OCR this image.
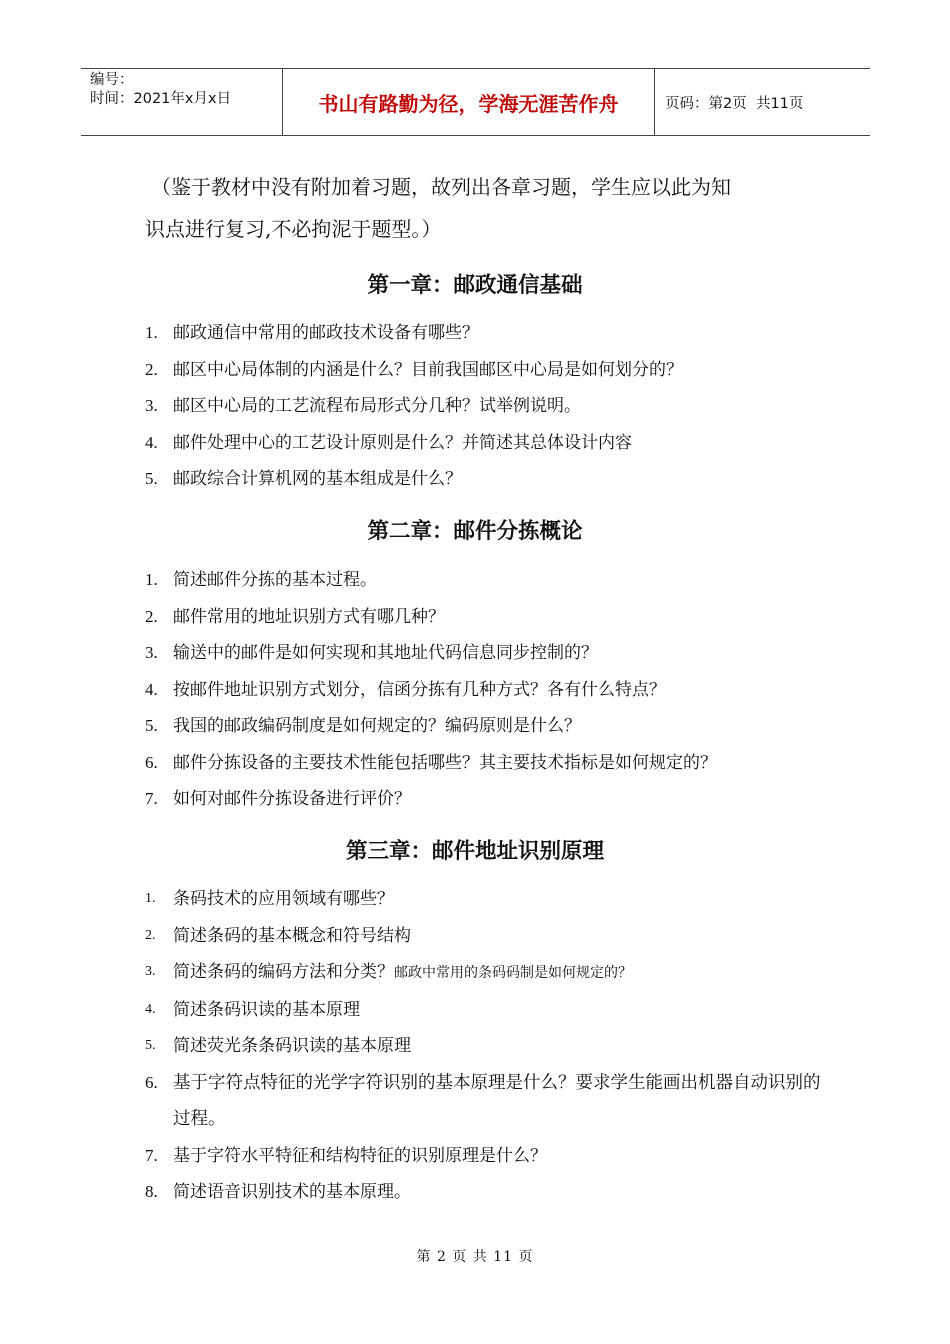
编号：
时间：2021年x月x日	书山有路勤为径，学海无涯苦作舟	页码：第2页  共11页
（鉴于教材中没有附加着习题，故列出各章习题，学生应以此为知
识点进行复习,不必拘泥于题型。）
第一章：邮政通信基础
1. 邮政通信中常用的邮政技术设备有哪些？
2. 邮区中心局体制的内涵是什么？目前我国邮区中心局是如何划分的？
3. 邮区中心局的工艺流程布局形式分几种？试举例说明。
4. 邮件处理中心的工艺设计原则是什么？并简述其总体设计内容
5. 邮政综合计算机网的基本组成是什么？
第二章：邮件分拣概论
1. 简述邮件分拣的基本过程。
2. 邮件常用的地址识别方式有哪几种？
3. 输送中的邮件是如何实现和其地址代码信息同步控制的？
4. 按邮件地址识别方式划分，信函分拣有几种方式？各有什么特点？
5. 我国的邮政编码制度是如何规定的？编码原则是什么？
6. 邮件分拣设备的主要技术性能包括哪些？其主要技术指标是如何规定的？
7. 如何对邮件分拣设备进行评价？
第三章：邮件地址识别原理
1. 条码技术的应用领域有哪些？
2. 简述条码的基本概念和符号结构
3. 简述条码的编码方法和分类？邮政中常用的条码码制是如何规定的？
4. 简述条码识读的基本原理
5. 简述荧光条条码识读的基本原理
6. 基于字符点特征的光学字符识别的基本原理是什么？要求学生能画出机器自动识别的过程。
7. 基于字符水平特征和结构特征的识别原理是什么？
8. 简述语音识别技术的基本原理。
第 2 页 共 11 页
